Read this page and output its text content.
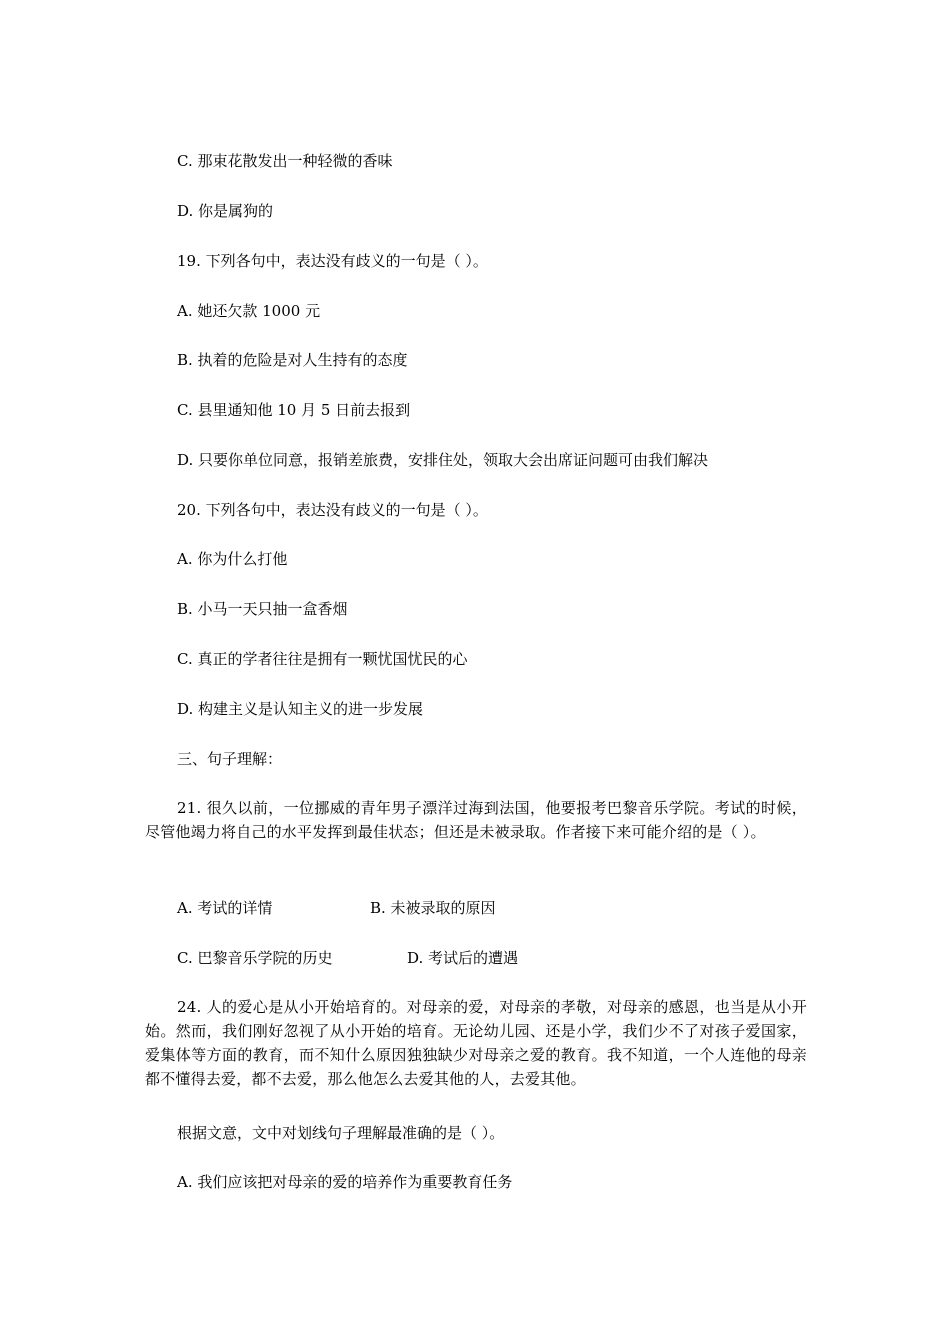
C. 那束花散发出一种轻微的香味
D. 你是属狗的
19. 下列各句中，表达没有歧义的一句是（ ）。
A. 她还欠款 1000 元
B. 执着的危险是对人生持有的态度
C. 县里通知他 10 月 5 日前去报到
D. 只要你单位同意，报销差旅费，安排住处，领取大会出席证问题可由我们解决
20. 下列各句中，表达没有歧义的一句是（ ）。
A. 你为什么打他
B. 小马一天只抽一盒香烟
C. 真正的学者往往是拥有一颗忧国忧民的心
D. 构建主义是认知主义的进一步发展
三、句子理解：
21. 很久以前，一位挪威的青年男子漂洋过海到法国，他要报考巴黎音乐学院。考试的时候，尽管他竭力将自己的水平发挥到最佳状态；但还是未被录取。作者接下来可能介绍的是（ ）。
A. 考试的详情	B. 未被录取的原因
C. 巴黎音乐学院的历史	D. 考试后的遭遇
24. 人的爱心是从小开始培育的。对母亲的爱，对母亲的孝敬，对母亲的感恩，也当是从小开始。然而，我们刚好忽视了从小开始的培育。无论幼儿园、还是小学，我们少不了对孩子爱国家，爱集体等方面的教育，而不知什么原因独独缺少对母亲之爱的教育。我不知道，一个人连他的母亲都不懂得去爱，都不去爱，那么他怎么去爱其他的人，去爱其他。
根据文意，文中对划线句子理解最准确的是（ ）。
A. 我们应该把对母亲的爱的培养作为重要教育任务
